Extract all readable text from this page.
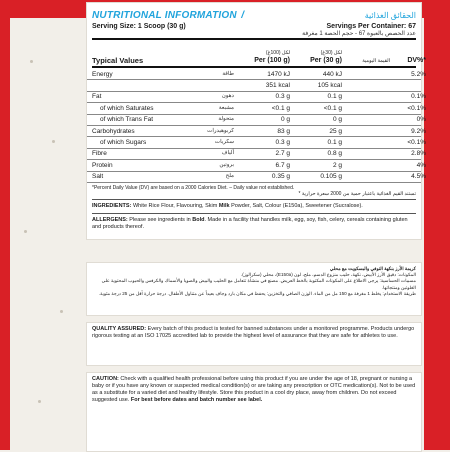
NUTRITIONAL INFORMATION /	الحقائق الغذائية
Serving Size: 1 Scoop (30 g)	Servings Per Container: 67
عدد الحصص بالعبوة 67 - حجم الحصة 1 مغرفة
Typical Values
لكل (100غ)
Per (100 g)
لكل (30غ)
Per (30 g)	القيمة اليومية	DV%*
Energy	طاقة	1470 kJ	440 kJ	5.2%
351 kcal	105 kcal
Fat	دهون	0.3 g	0.1 g	0.1%
of which Saturates	مشبعة	<0.1 g	<0.1 g	<0.1%
of which Trans Fat	متحولة	0 g	0 g	0%
Carbohydrates	كربوهيدرات	83 g	25 g	9.2%
of which Sugars	سكريات	0.3 g	0.1 g	<0.1%
Fibre	ألياف	2.7 g	0.8 g	2.8%
Protein	بروتين	6.7 g	2 g	4%
Salt	ملح	0.35 g	0.105 g	4.5%
*Percent Daily Value (DV) are based on a 2000 Calories Diet. – Daily value not established.
* تستند القيم الغذائية باعتبار حمية من 2000 سعرة حرارية
INGREDIENTS: White Rice Flour, Flavouring, Skim Milk Powder, Salt, Colour (E150a), Sweetener (Sucralose).
ALLERGENS: Please see ingredients in Bold. Made in a facility that handles milk, egg, soy, fish, celery, cereals containing gluten and products thereof.
كريمة الأرز بنكهة التوفي والبسكويت مع محلي
المكونات: دقيق الأرز الأبيض، نكهة، حليب منزوع الدسم، ملح، لون (E150a)، محلي (سكرالوز).
مسببات الحساسية: يرجى الاطلاع على المكونات المكتوبة بالخط العريض. مصنع في منشأة تتعامل مع الحليب والبيض والصويا والأسماك والكرفس والحبوب المحتوية على الغلوتين ومنتجاتها.
طريقة الاستخدام: يخلط 1 مغرفة مع 150 مل من الماء. الوزن الصافي والتخزين: يحفظ في مكان بارد وجاف بعيداً عن متناول الأطفال. درجة حرارة أقل من 25 درجة مئوية.
QUALITY ASSURED: Every batch of this product is tested for banned substances under a monitored programme. Products undergo rigorous testing at an ISO 17025 accredited lab to provide the highest level of assurance that they are safe for athletes to use.
CAUTION: Check with a qualified health professional before using this product if you are under the age of 18, pregnant or nursing a baby or if you have any known or suspected medical condition(s) or are taking any prescription or OTC medication(s). Not to be used as a substitute for a varied diet and healthy lifestyle. Store this product in a cool dry place, away from children. Do not exceed suggested use. For best before dates and batch number see label.
